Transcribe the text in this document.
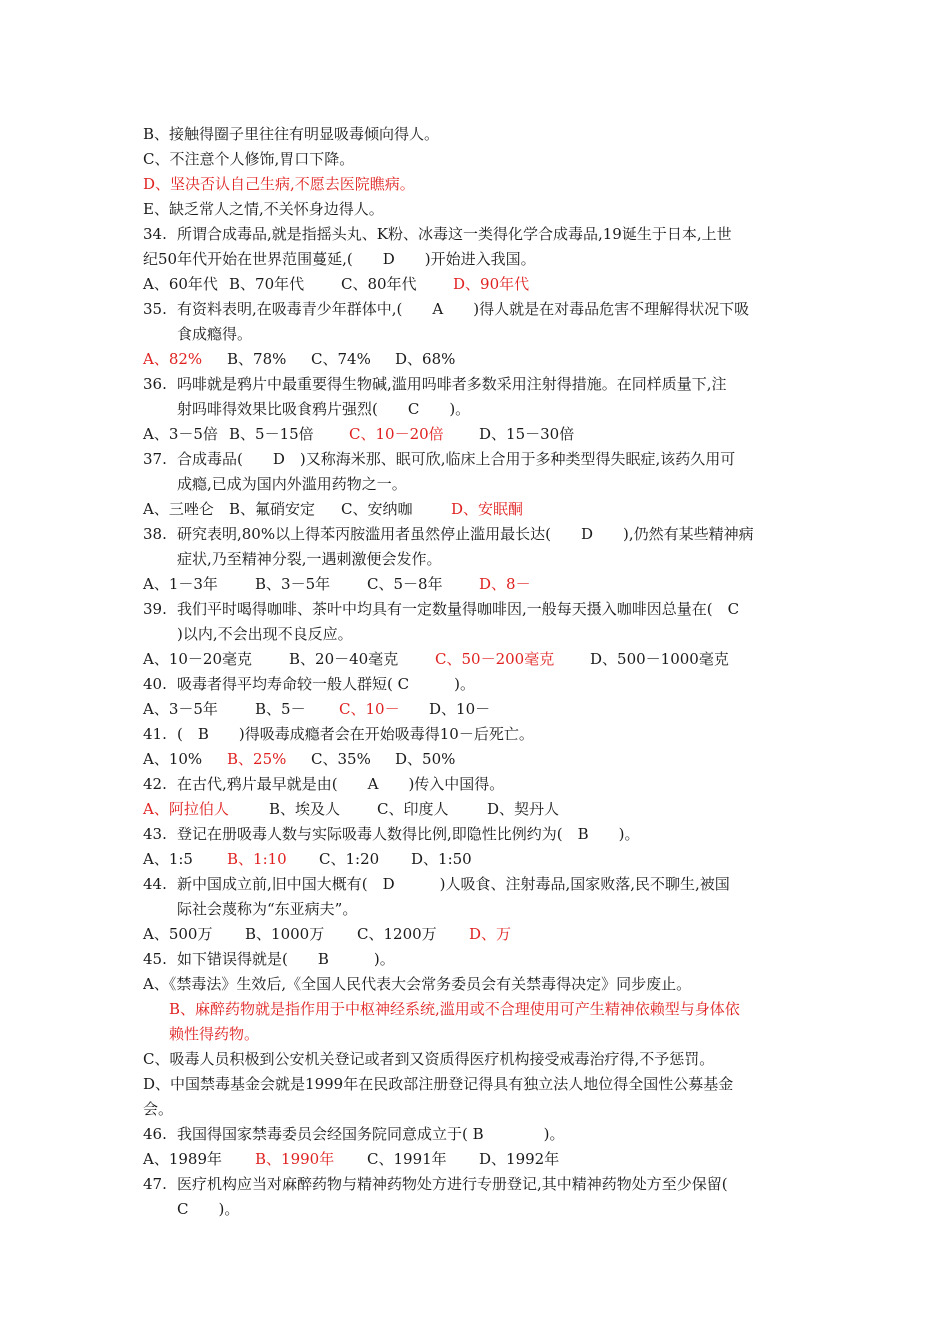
B、接触得圈子里往往有明显吸毒倾向得人。
C、不注意个人修饰,胃口下降。
D、坚决否认自己生病,不愿去医院瞧病。
E、缺乏常人之情,不关怀身边得人。
34. 所谓合成毒品,就是指摇头丸、K粉、冰毒这一类得化学合成毒品,19诞生于日本,上世
纪50年代开始在世界范围蔓延,(　　D　　)开始进入我国。
A、60年代 B、70年代 C、80年代 D、90年代
35. 有资料表明,在吸毒青少年群体中,(　　A　　)得人就是在对毒品危害不理解得状况下吸
食成瘾得。
A、82% B、78% C、74% D、68%
36. 吗啡就是鸦片中最重要得生物碱,滥用吗啡者多数采用注射得措施。在同样质量下,注
射吗啡得效果比吸食鸦片强烈(　　C　　)。
A、3－5倍 B、5－15倍 C、10－20倍 D、15－30倍
37. 合成毒品(　　D　)又称海米那、眠可欣,临床上合用于多种类型得失眠症,该药久用可
成瘾,已成为国内外滥用药物之一。
A、三唑仑 B、氟硝安定 C、安纳咖	D、安眠酮
38. 研究表明,80%以上得苯丙胺滥用者虽然停止滥用最长达(　　D　　),仍然有某些精神病
症状,乃至精神分裂,一遇刺激便会发作。
A、1－3年 B、3－5年 C、5－8年 D、8－
39. 我们平时喝得咖啡、茶叶中均具有一定数量得咖啡因,一般每天摄入咖啡因总量在(　C
)以内,不会出现不良反应。
A、10－20毫克 B、20－40毫克 C、50－200毫克 D、500－1000毫克
40. 吸毒者得平均寿命较一般人群短( C　　　)。
A、3－5年 B、5－ C、10－ D、10－
41. (　B　　)得吸毒成瘾者会在开始吸毒得10－后死亡。
A、10% B、25% C、35% D、50%
42. 在古代,鸦片最早就是由(　　A　　)传入中国得。
A、阿拉伯人	B、埃及人 C、印度人	D、契丹人
43. 登记在册吸毒人数与实际吸毒人数得比例,即隐性比例约为(　B　　)。
A、1:5 B、1:10 C、1:20 D、1:50
44. 新中国成立前,旧中国大概有(　D　　　)人吸食、注射毒品,国家败落,民不聊生,被国
际社会蔑称为“东亚病夫”。
A、500万 B、1000万 C、1200万 D、万
45. 如下错误得就是(　　B　　　)。
A、《禁毒法》生效后,《全国人民代表大会常务委员会有关禁毒得决定》同步废止。
B、麻醉药物就是指作用于中枢神经系统,滥用或不合理使用可产生精神依赖型与身体依
赖性得药物。
C、吸毒人员积极到公安机关登记或者到又资质得医疗机构接受戒毒治疗得,不予惩罚。
D、中国禁毒基金会就是1999年在民政部注册登记得具有独立法人地位得全国性公募基金
会。
46. 我国得国家禁毒委员会经国务院同意成立于( B　　　　)。
A、1989年 B、1990年 C、1991年 D、1992年
47. 医疗机构应当对麻醉药物与精神药物处方进行专册登记,其中精神药物处方至少保留(
C　　)。
